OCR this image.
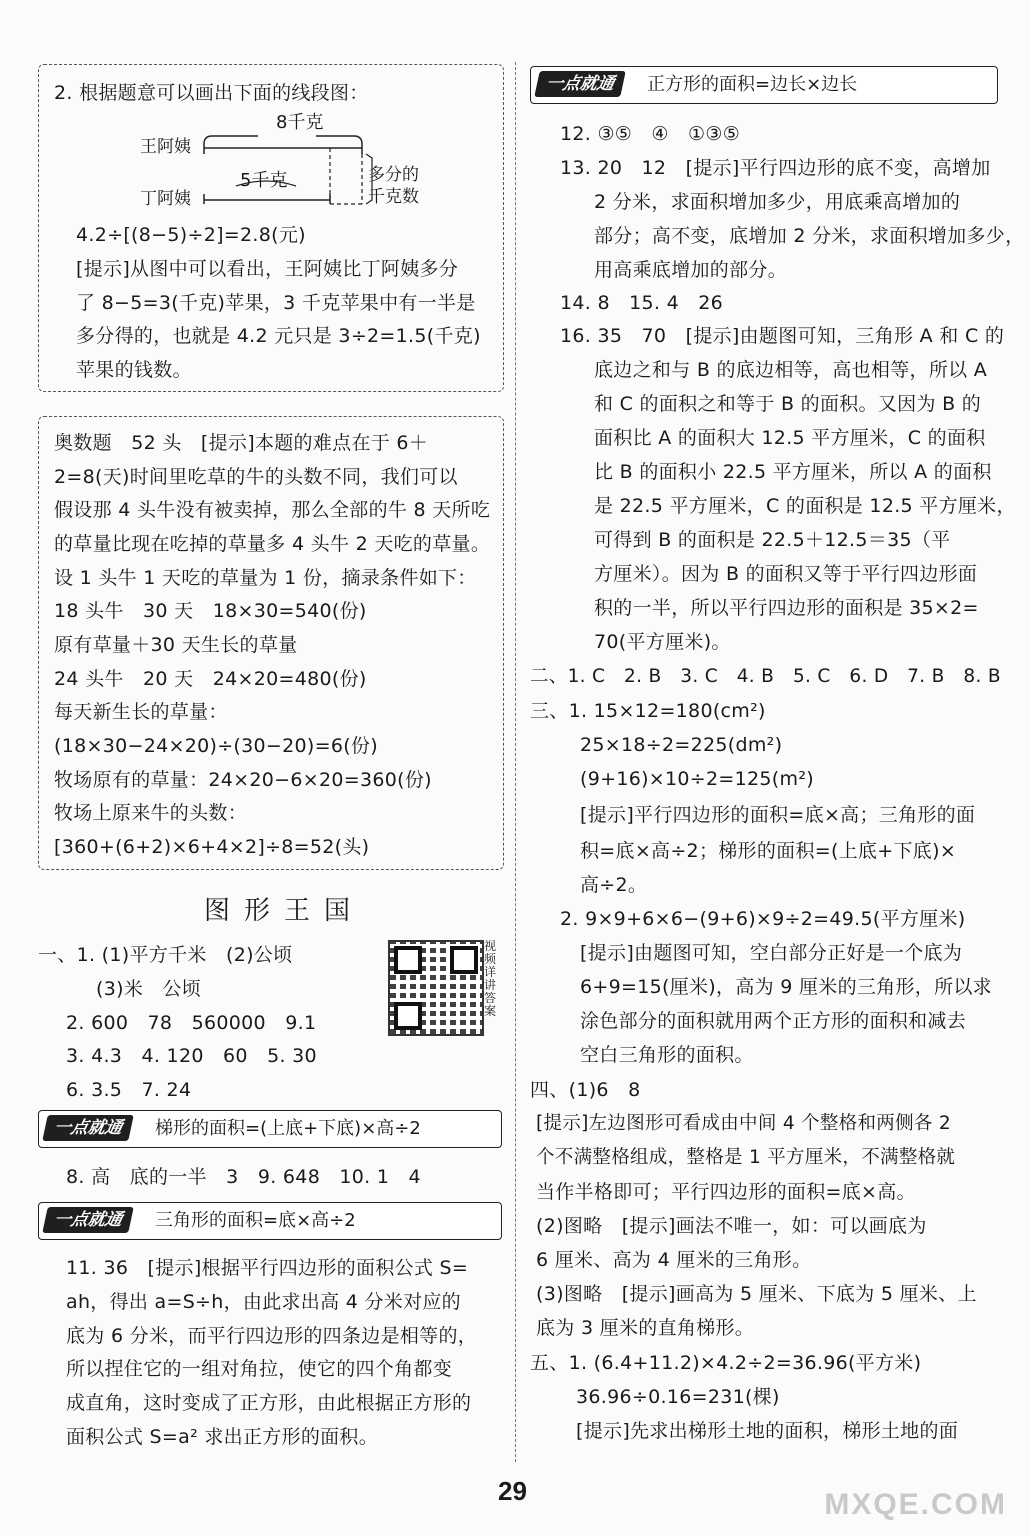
2. 根据题意可以画出下面的线段图：
王阿姨
丁阿姨
8千克
5千克	多分的
千克数
4.2÷[(8−5)÷2]=2.8(元)
[提示]从图中可以看出，王阿姨比丁阿姨多分
了 8−5=3(千克)苹果，3 千克苹果中有一半是
多分得的，也就是 4.2 元只是 3÷2=1.5(千克)
苹果的钱数。
奥数题　52 头　[提示]本题的难点在于 6＋
2=8(天)时间里吃草的牛的头数不同，我们可以
假设那 4 头牛没有被卖掉，那么全部的牛 8 天所吃
的草量比现在吃掉的草量多 4 头牛 2 天吃的草量。
设 1 头牛 1 天吃的草量为 1 份，摘录条件如下：
18 头牛　30 天　18×30=540(份)
原有草量＋30 天生长的草量
24 头牛　20 天　24×20=480(份)
每天新生长的草量：
(18×30−24×20)÷(30−20)=6(份)
牧场原有的草量：24×20−6×20=360(份)
牧场上原来牛的头数：
[360+(6+2)×6+4×2]÷8=52(头)
图形王国
视频详讲答案
一、1. (1)平方千米　(2)公顷
(3)米　公顷
2. 600　78　560000　9.1
3. 4.3　4. 120　60　5. 30
6. 3.5　7. 24
一点就通	梯形的面积=(上底+下底)×高÷2
8. 高　底的一半　3　9. 648　10. 1　4
一点就通	三角形的面积=底×高÷2
11. 36　[提示]根据平行四边形的面积公式 S=
ah，得出 a=S÷h，由此求出高 4 分米对应的
底为 6 分米，而平行四边形的四条边是相等的，
所以捏住它的一组对角拉，使它的四个角都变
成直角，这时变成了正方形，由此根据正方形的
面积公式 S=a² 求出正方形的面积。
一点就通	正方形的面积=边长×边长
12. ③⑤　④　①③⑤
13. 20　12　[提示]平行四边形的底不变，高增加
2 分米，求面积增加多少，用底乘高增加的
部分；高不变，底增加 2 分米，求面积增加多少，
用高乘底增加的部分。
14. 8　15. 4　26
16. 35　70　[提示]由题图可知，三角形 A 和 C 的
底边之和与 B 的底边相等，高也相等，所以 A
和 C 的面积之和等于 B 的面积。又因为 B 的
面积比 A 的面积大 12.5 平方厘米，C 的面积
比 B 的面积小 22.5 平方厘米，所以 A 的面积
是 22.5 平方厘米，C 的面积是 12.5 平方厘米，
可得到 B 的面积是 22.5＋12.5＝35（平
方厘米）。因为 B 的面积又等于平行四边形面
积的一半，所以平行四边形的面积是 35×2=
70(平方厘米)。
二、1. C　2. B　3. C　4. B　5. C　6. D　7. B　8. B
三、1. 15×12=180(cm²)
25×18÷2=225(dm²)
(9+16)×10÷2=125(m²)
[提示]平行四边形的面积=底×高；三角形的面
积=底×高÷2；梯形的面积=(上底+下底)×
高÷2。
2. 9×9+6×6−(9+6)×9÷2=49.5(平方厘米)
[提示]由题图可知，空白部分正好是一个底为
6+9=15(厘米)，高为 9 厘米的三角形，所以求
涂色部分的面积就用两个正方形的面积和减去
空白三角形的面积。
四、(1)6　8
[提示]左边图形可看成由中间 4 个整格和两侧各 2
个不满整格组成，整格是 1 平方厘米，不满整格就
当作半格即可；平行四边形的面积=底×高。
(2)图略　[提示]画法不唯一，如：可以画底为
6 厘米、高为 4 厘米的三角形。
(3)图略　[提示]画高为 5 厘米、下底为 5 厘米、上
底为 3 厘米的直角梯形。
五、1. (6.4+11.2)×4.2÷2=36.96(平方米)
36.96÷0.16=231(棵)
[提示]先求出梯形土地的面积，梯形土地的面
29	MXQE.COM
